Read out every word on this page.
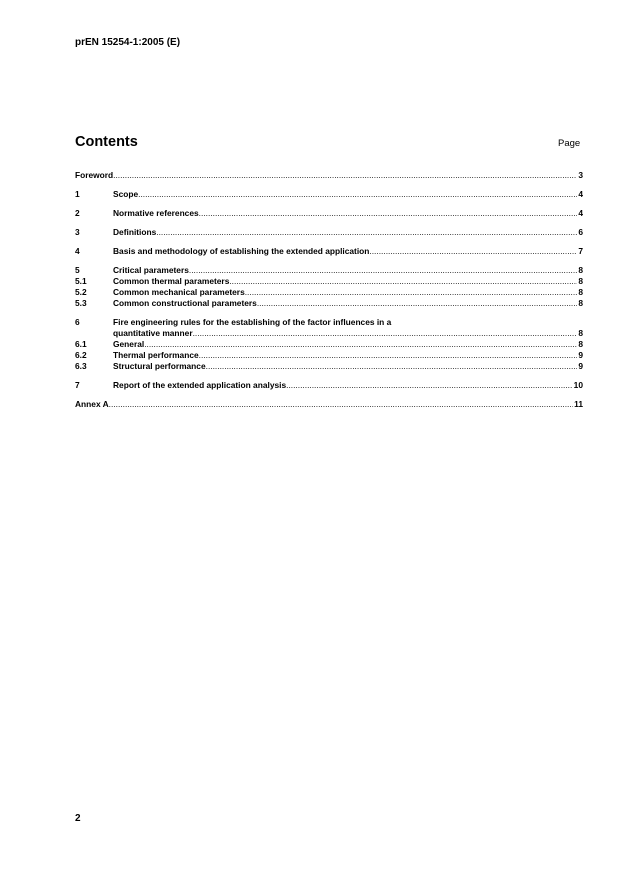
prEN 15254-1:2005 (E)
Contents	Page
Foreword .....	3
1	Scope .....	4
2	Normative references .....	4
3	Definitions .....	6
4	Basis and methodology of establishing the extended application .....	7
5	Critical parameters .....	8
5.1	Common thermal parameters .....	8
5.2	Common mechanical parameters .....	8
5.3	Common constructional parameters .....	8
6	Fire engineering rules for the establishing of the factor influences in a
quantitative manner .....	8
6.1	General .....	8
6.2	Thermal performance .....	9
6.3	Structural performance .....	9
7	Report of the extended application analysis .....	10
Annex A .....	11
2
